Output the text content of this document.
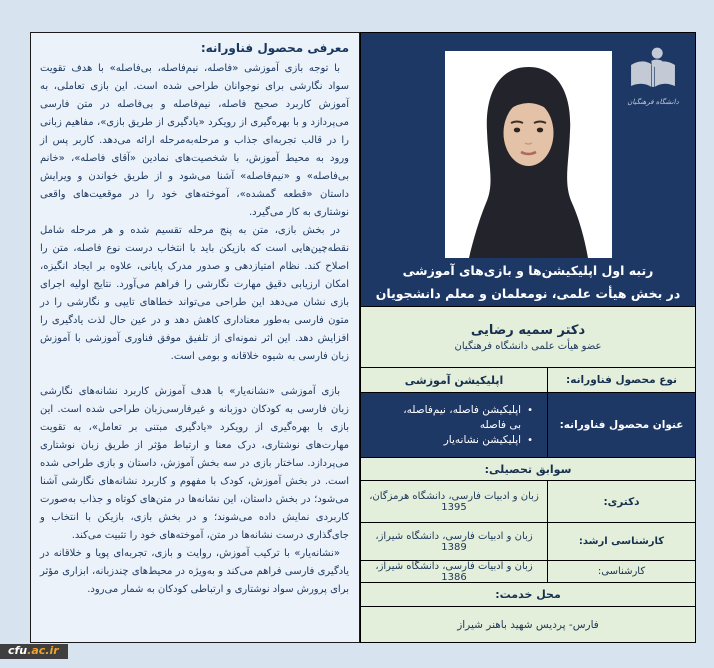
دانشگاه فرهنگیان
رتبه اول اپلیکیشن‌ها و بازی‌های آموزشی
در بخش هیأت علمی، نومعلمان و معلم دانشجویان
دکتر سمیه رضایی
عضو هیأت علمی دانشگاه فرهنگیان
نوع محصول فناورانه:
اپلیکیشن آموزشی
عنوان محصول فناورانه:
•
اپلیکیشن فاصله، نیم‌فاصله، بی فاصله
•
اپلیکیشن نشانه‌یار
سوابق تحصیلی:
دکتری:
زبان و ادبیات فارسی، دانشگاه هرمزگان، 1395
کارشناسی ارشد:
زبان و ادبیات فارسی، دانشگاه شیراز، 1389
کارشناسی:
زبان و ادبیات فارسی، دانشگاه شیراز، 1386
محل خدمت:
فارس- پردیس شهید باهنر شیراز
معرفی محصول فناورانه:

با توجه بازی آموزشی «فاصله، نیم‌فاصله، بی‌فاصله» با هدف تقویت سواد نگارشی برای نوجوانان طراحی شده است. این بازی تعاملی، به آموزش کاربرد صحیح فاصله، نیم‌فاصله و بی‌فاصله در متن فارسی می‌پردازد و با بهره‌گیری از رویکرد «یادگیری از طریق بازی»، مفاهیم زبانی را در قالب تجربه‌ای جذاب و مرحله‌به‌مرحله ارائه می‌دهد. کاربر پس از ورود به محیط آموزش، با شخصیت‌های نمادین «آقای فاصله»، «خانم بی‌فاصله» و «نیم‌فاصله» آشنا می‌شود و از طریق خواندن و ویرایش داستان «قطعه گمشده»، آموخته‌های خود را در موقعیت‌های واقعی نوشتاری به کار می‌گیرد.

در بخش بازی، متن به پنج مرحله تقسیم شده و هر مرحله شامل نقطه‌چین‌هایی است که بازیکن باید با انتخاب درست نوع فاصله، متن را اصلاح کند. نظام امتیازدهی و صدور مدرک پایانی، علاوه بر ایجاد انگیزه، امکان ارزیابی دقیق مهارت نگارشی را فراهم می‌آورد. نتایج اولیه اجرای بازی نشان می‌دهد این طراحی می‌تواند خطاهای تایپی و نگارشی را در متون فارسی به‌طور معناداری کاهش دهد و در عین حال لذت یادگیری را افزایش دهد. این اثر نمونه‌ای از تلفیق موفق فناوری آموزشی با آموزش زبان فارسی به شیوه خلاقانه و بومی است.

بازی آموزشی «نشانه‌یار» با هدف آموزش کاربرد نشانه‌های نگارشی زبان فارسی به کودکان دوزبانه و غیرفارسی‌زبان طراحی شده است. این بازی با بهره‌گیری از رویکرد «یادگیری مبتنی بر تعامل»، به تقویت مهارت‌های نوشتاری، درک معنا و ارتباط مؤثر از طریق زبان نوشتاری می‌پردازد. ساختار بازی در سه بخش آموزش، داستان و بازی طراحی شده است. در بخش آموزش، کودک با مفهوم و کاربرد نشانه‌های نگارشی آشنا می‌شود؛ در بخش داستان، این نشانه‌ها در متن‌های کوتاه و جذاب به‌صورت کاربردی نمایش داده می‌شوند؛ و در بخش بازی، بازیکن با انتخاب و جای‌گذاری درست نشانه‌ها در متن، آموخته‌های خود را تثبیت می‌کند.

«نشانه‌یار» با ترکیب آموزش، روایت و بازی، تجربه‌ای پویا و خلاقانه در یادگیری فارسی فراهم می‌کند و به‌ویژه در محیط‌های چندزبانه، ابزاری مؤثر برای پرورش سواد نوشتاری و ارتباطی کودکان به شمار می‌رود.

cfu.ac.ir
